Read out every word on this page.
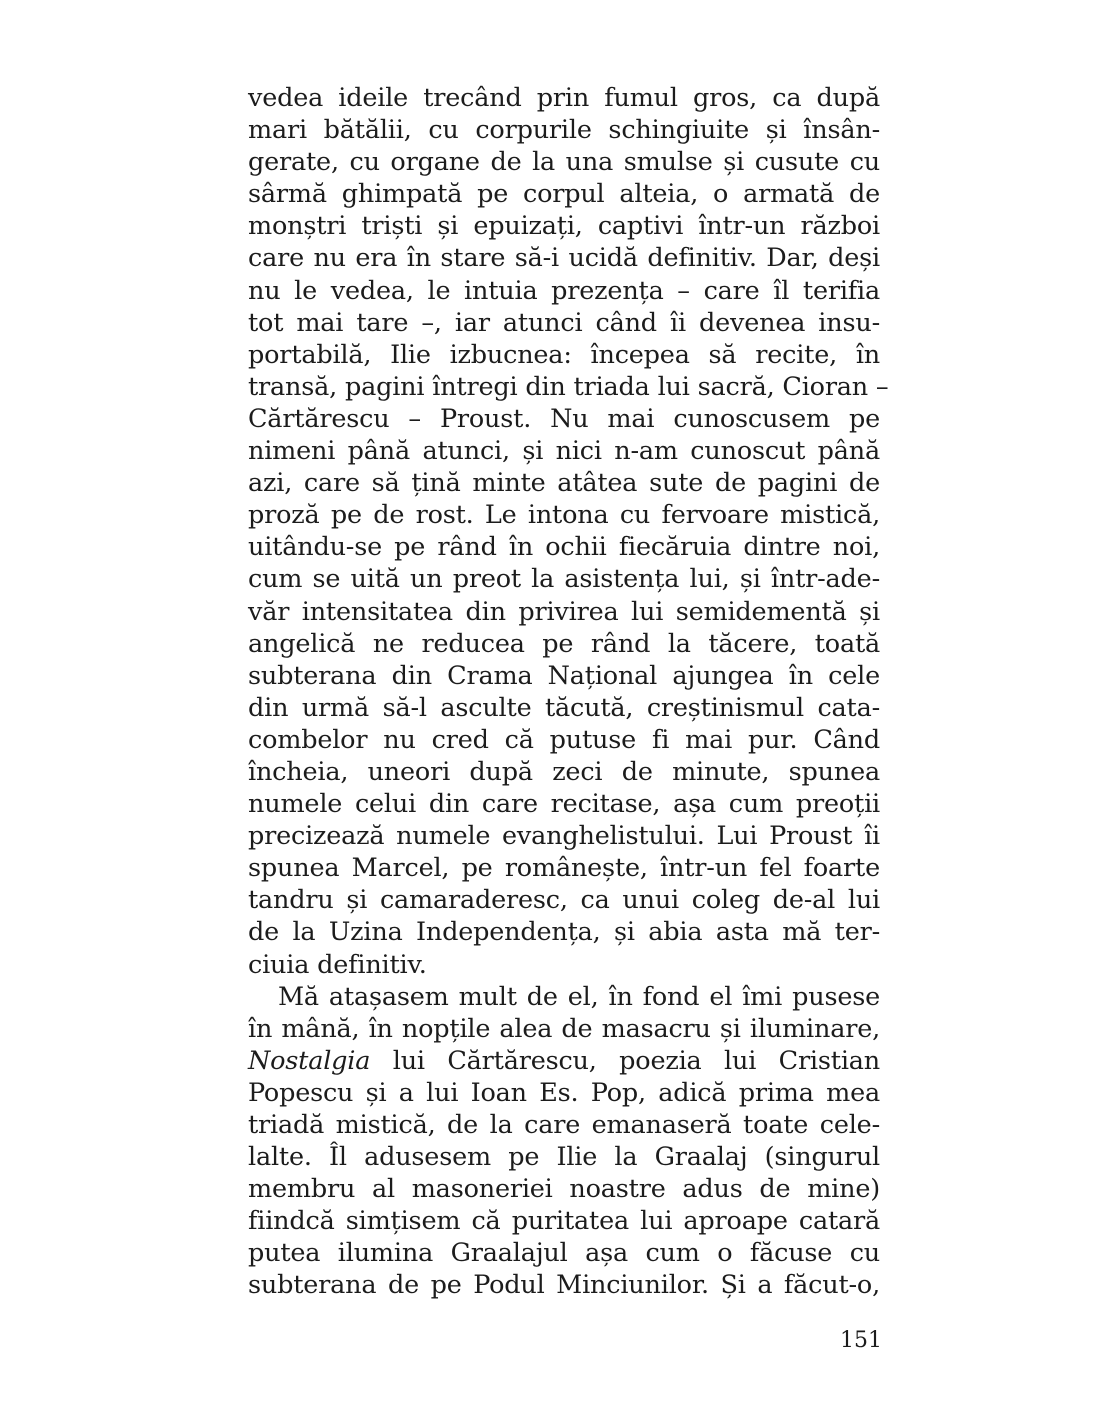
vedea ideile trecând prin fumul gros, ca după
mari bătălii, cu corpurile schingiuite și însân-
gerate, cu organe de la una smulse și cusute cu
sârmă ghimpată pe corpul alteia, o armată de
monștri triști și epuizați, captivi într-un război
care nu era în stare să-i ucidă definitiv. Dar, deși
nu le vedea, le intuia prezența – care îl terifia
tot mai tare –, iar atunci când îi devenea insu-
portabilă, Ilie izbucnea: începea să recite, în
transă, pagini întregi din triada lui sacră, Cioran –
Cărtărescu – Proust. Nu mai cunoscusem pe
nimeni până atunci, și nici n-am cunoscut până
azi, care să țină minte atâtea sute de pagini de
proză pe de rost. Le intona cu fervoare mistică,
uitându-se pe rând în ochii fiecăruia dintre noi,
cum se uită un preot la asistența lui, și într-ade-
văr intensitatea din privirea lui semidementă și
angelică ne reducea pe rând la tăcere, toată
subterana din Crama Național ajungea în cele
din urmă să-l asculte tăcută, creștinismul cata-
combelor nu cred că putuse fi mai pur. Când
încheia, uneori după zeci de minute, spunea
numele celui din care recitase, așa cum preoții
precizează numele evanghelistului. Lui Proust îi
spunea Marcel, pe românește, într-un fel foarte
tandru și camaraderesc, ca unui coleg de-al lui
de la Uzina Independența, și abia asta mă ter-
ciuia definitiv.
Mă atașasem mult de el, în fond el îmi pusese
în mână, în nopțile alea de masacru și iluminare,
Nostalgia lui Cărtărescu, poezia lui Cristian
Popescu și a lui Ioan Es. Pop, adică prima mea
triadă mistică, de la care emanaseră toate cele-
lalte. Îl adusesem pe Ilie la Graalaj (singurul
membru al masoneriei noastre adus de mine)
fiindcă simțisem că puritatea lui aproape catară
putea ilumina Graalajul așa cum o făcuse cu
subterana de pe Podul Minciunilor. Și a făcut-o,
151
